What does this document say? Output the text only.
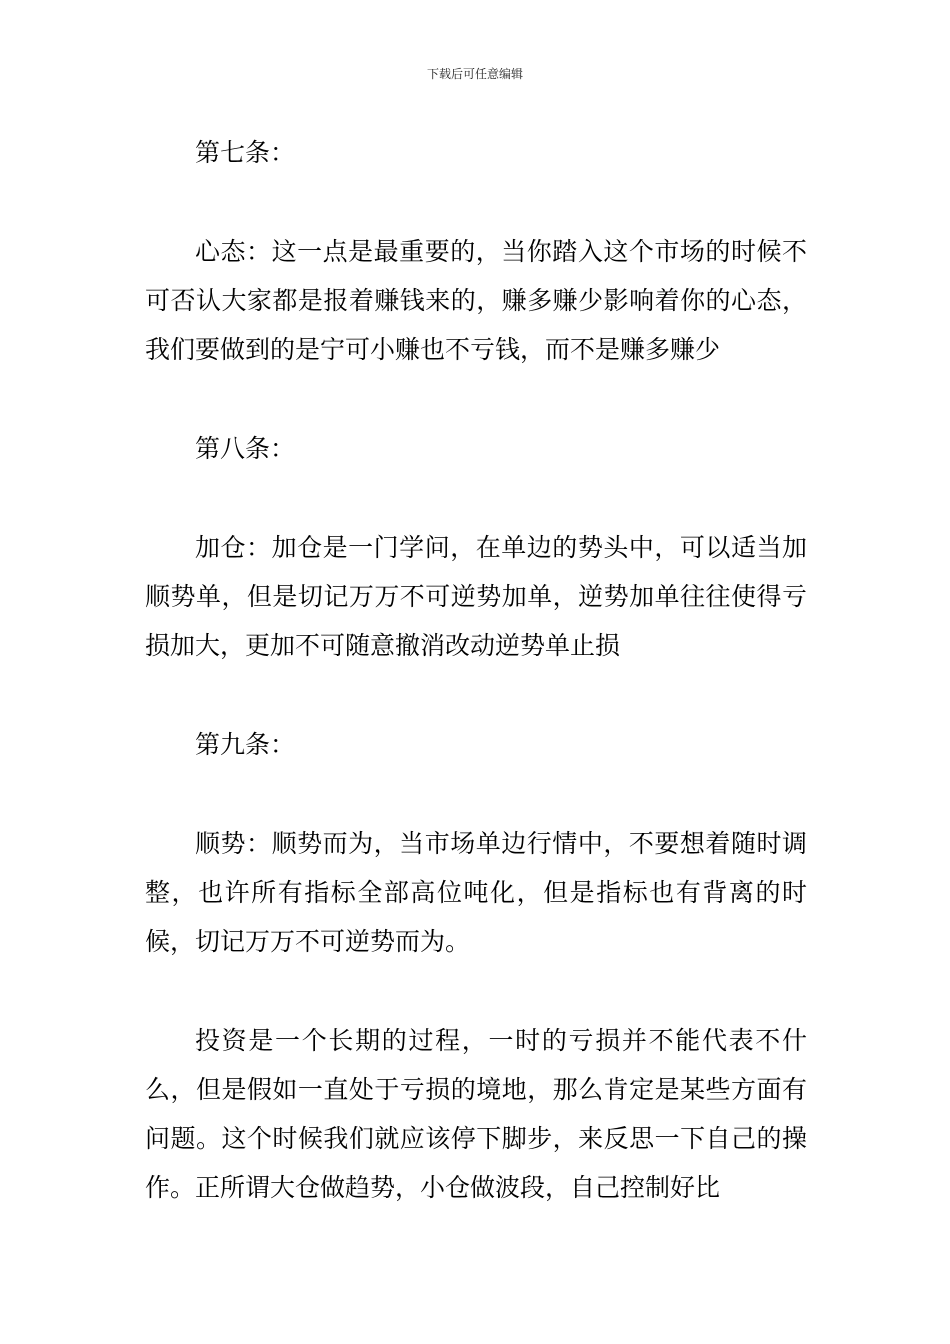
下载后可任意编辑

第七条：

心态：这一点是最重要的，当你踏入这个市场的时候不可否认大家都是报着赚钱来的，赚多赚少影响着你的心态，我们要做到的是宁可小赚也不亏钱，而不是赚多赚少

第八条：

加仓：加仓是一门学问，在单边的势头中，可以适当加顺势单，但是切记万万不可逆势加单，逆势加单往往使得亏损加大，更加不可随意撤消改动逆势单止损

第九条：

顺势：顺势而为，当市场单边行情中，不要想着随时调整，也许所有指标全部高位吨化，但是指标也有背离的时候，切记万万不可逆势而为。

投资是一个长期的过程，一时的亏损并不能代表不什么，但是假如一直处于亏损的境地，那么肯定是某些方面有问题。这个时候我们就应该停下脚步，来反思一下自己的操作。正所谓大仓做趋势，小仓做波段，自己控制好比
